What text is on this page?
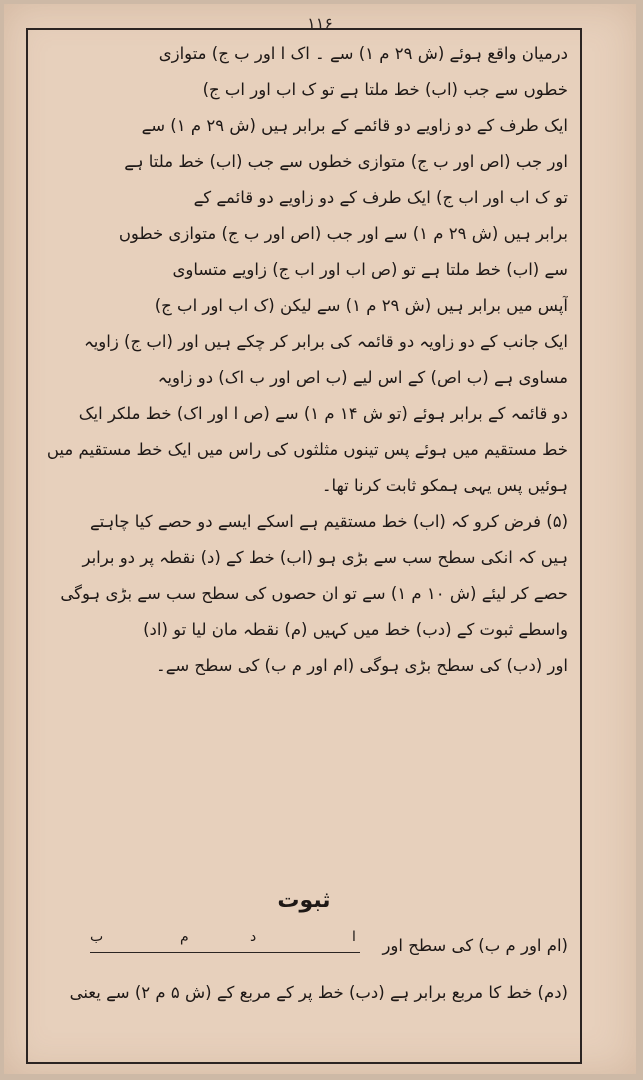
۱۱۶
درمیان واقع ہوئے (ش ۲۹ م ۱) سے ۔ اک ا اور ب ج) متوازی
خطوں سے جب (اب) خط ملتا ہے تو ک اب اور اب ج)
ایک طرف کے دو زاویے دو قائمے کے برابر ہیں (ش ۲۹ م ۱) سے
اور جب (اص اور ب ج) متوازی خطوں سے جب (اب) خط ملتا ہے
تو ک اب اور اب ج) ایک طرف کے دو زاویے دو قائمے کے
برابر ہیں (ش ۲۹ م ۱) سے اور جب (اص اور ب ج) متوازی خطوں
سے (اب) خط ملتا ہے تو (ص اب اور اب ج) زاویے متساوی
آپس میں برابر ہیں (ش ۲۹ م ۱) سے لیکن (ک اب اور اب ج)
ایک جانب کے دو زاویہ دو قائمہ کی برابر کر چکے ہیں اور (اب ج) زاویہ
مساوی ہے (ب اص) کے اس لیے (ب اص اور ب اک) دو زاویہ
دو قائمہ کے برابر ہوئے (تو ش ۱۴ م ۱) سے (ص ا اور اک) خط ملکر ایک
خط مستقیم میں ہوئے پس تینوں مثلثوں کی راس میں ایک خط مستقیم میں
ہوئیں پس یہی ہمکو ثابت کرنا تھا۔
(۵) فرض کرو کہ (اب) خط مستقیم ہے اسکے ایسے دو حصے کیا چاہتے
ہیں کہ انکی سطح سب سے بڑی ہو (اب) خط کے (د) نقطہ پر دو برابر
حصے کر لیئے (ش ۱۰ م ۱) سے تو ان حصوں کی سطح سب سے بڑی ہوگی
واسطے ثبوت کے (دب) خط میں کہیں (م) نقطہ مان لیا تو (اد)
اور (دب) کی سطح بڑی ہوگی (ام اور م ب) کی سطح سے۔
ثبوت
(ام اور م ب) کی سطح اور
ب	م	د	ا
(دم) خط کا مربع برابر ہے (دب) خط پر کے مربع کے (ش ۵ م ۲) سے یعنی
